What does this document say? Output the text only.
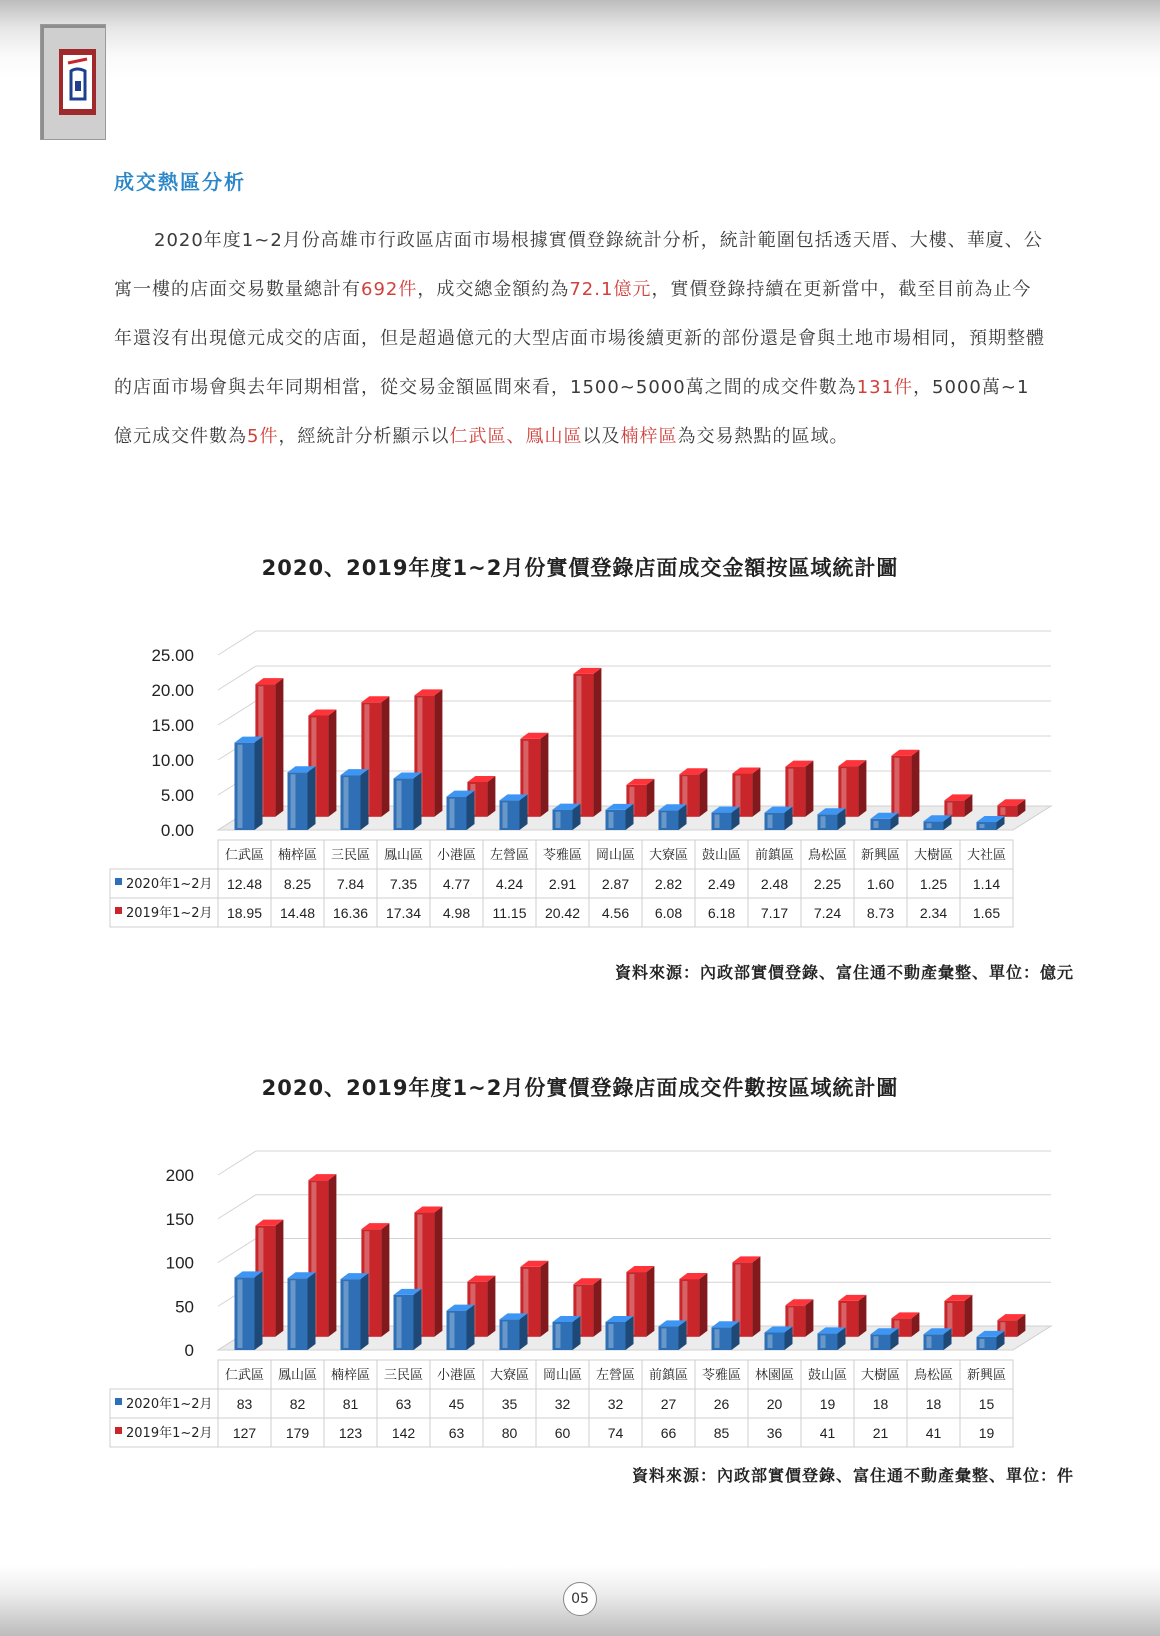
成交熱區分析
2020年度1~2月份高雄市行政區店面市場根據實價登錄統計分析，統計範圍包括透天厝、大樓、華廈、公寓一樓的店面交易數量總計有692件，成交總金額約為72.1億元，實價登錄持續在更新當中，截至目前為止今年還沒有出現億元成交的店面，但是超過億元的大型店面市場後續更新的部份還是會與土地市場相同，預期整體的店面市場會與去年同期相當，從交易金額區間來看，1500~5000萬之間的成交件數為131件，5000萬~1億元成交件數為5件，經統計分析顯示以仁武區、鳳山區以及楠梓區為交易熱點的區域。
2020、2019年度1~2月份實價登錄店面成交金額按區域統計圖
0.00
5.00
10.00
15.00
20.00
25.00
2020年1~2月
2019年1~2月
仁武區
12.48
18.95
楠梓區
8.25
14.48
三民區
7.84
16.36
鳳山區
7.35
17.34
小港區
4.77
4.98
左營區
4.24
11.15
苓雅區
2.91
20.42
岡山區
2.87
4.56
大寮區
2.82
6.08
鼓山區
2.49
6.18
前鎮區
2.48
7.17
鳥松區
2.25
7.24
新興區
1.60
8.73
大樹區
1.25
2.34
大社區
1.14
1.65
資料來源：內政部實價登錄、富住通不動產彙整、單位：億元
2020、2019年度1~2月份實價登錄店面成交件數按區域統計圖
0
50
100
150
200
2020年1~2月
2019年1~2月
仁武區
83
127
鳳山區
82
179
楠梓區
81
123
三民區
63
142
小港區
45
63
大寮區
35
80
岡山區
32
60
左營區
32
74
前鎮區
27
66
苓雅區
26
85
林園區
20
36
鼓山區
19
41
大樹區
18
21
鳥松區
18
41
新興區
15
19
資料來源：內政部實價登錄、富住通不動產彙整、單位：件
05
